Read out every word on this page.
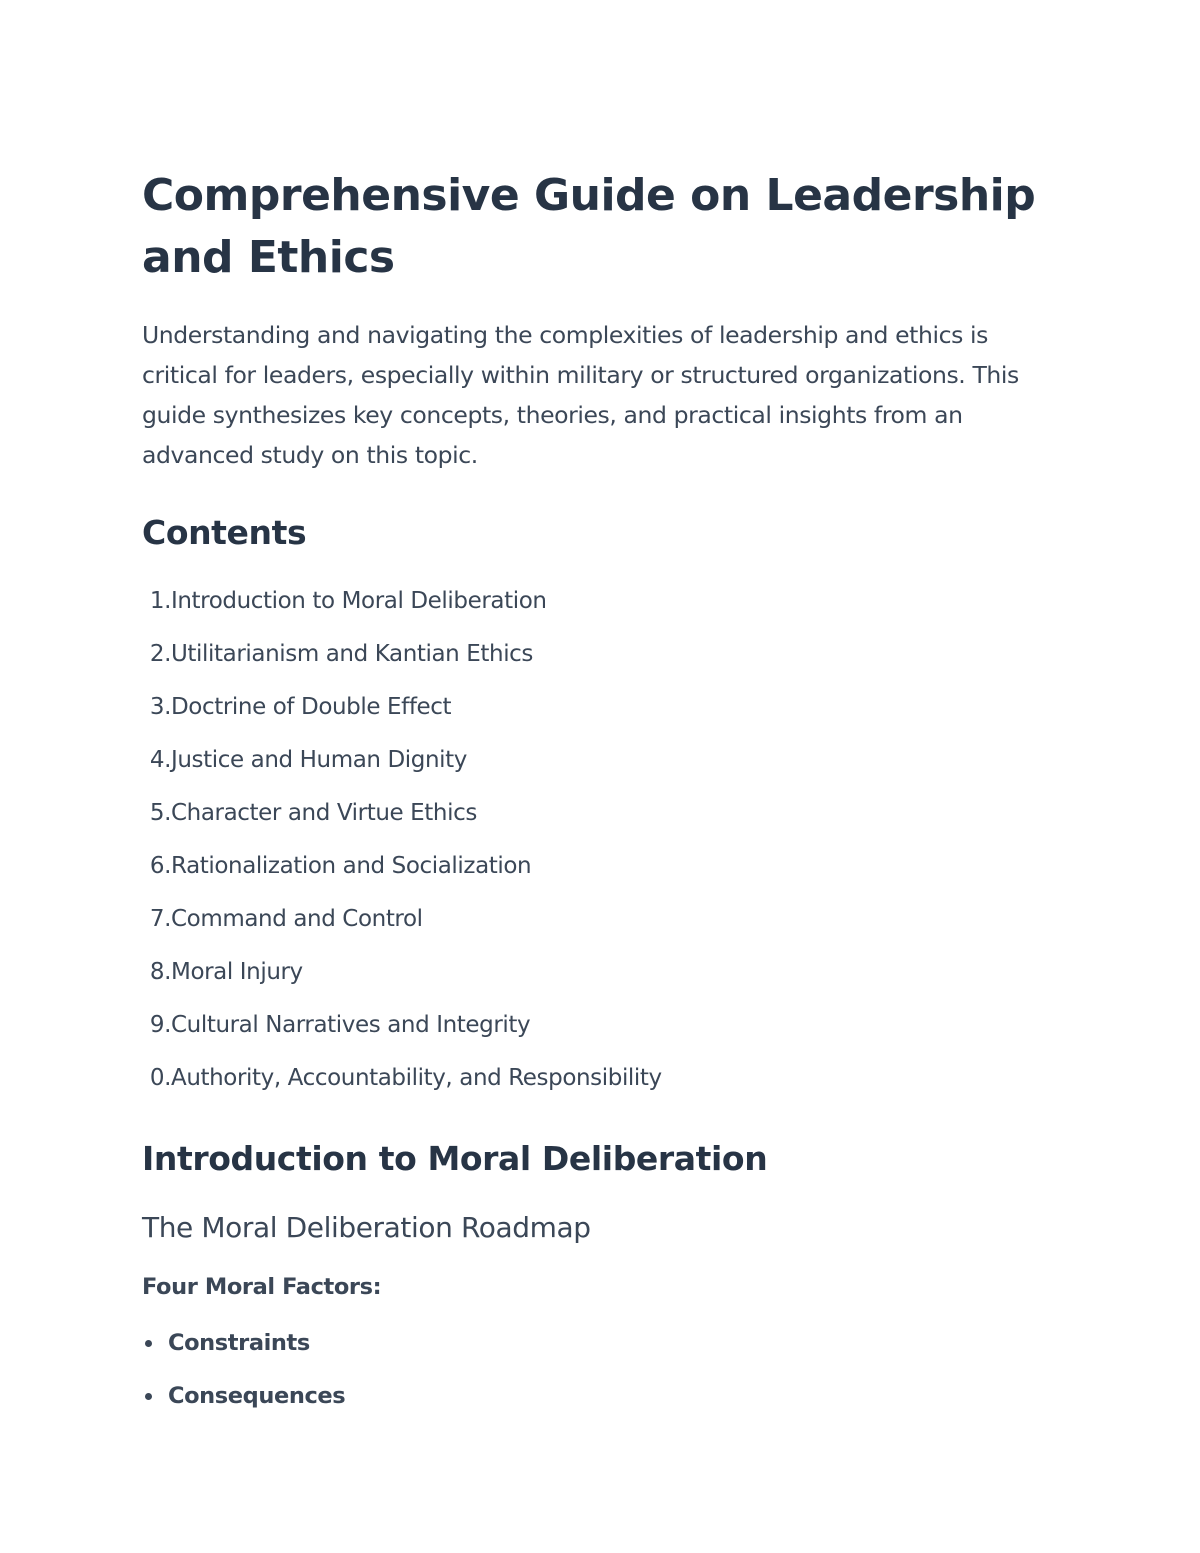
Comprehensive Guide on Leadership and Ethics

Understanding and navigating the complexities of leadership and ethics is critical for leaders, especially within military or structured organizations. This guide synthesizes key concepts, theories, and practical insights from an advanced study on this topic.

Contents
1. Introduction to Moral Deliberation
2. Utilitarianism and Kantian Ethics
3. Doctrine of Double Effect
4. Justice and Human Dignity
5. Character and Virtue Ethics
6. Rationalization and Socialization
7. Command and Control
8. Moral Injury
9. Cultural Narratives and Integrity
0. Authority, Accountability, and Responsibility
Introduction to Moral Deliberation
The Moral Deliberation Roadmap
Four Moral Factors:
Constraints
Consequences
